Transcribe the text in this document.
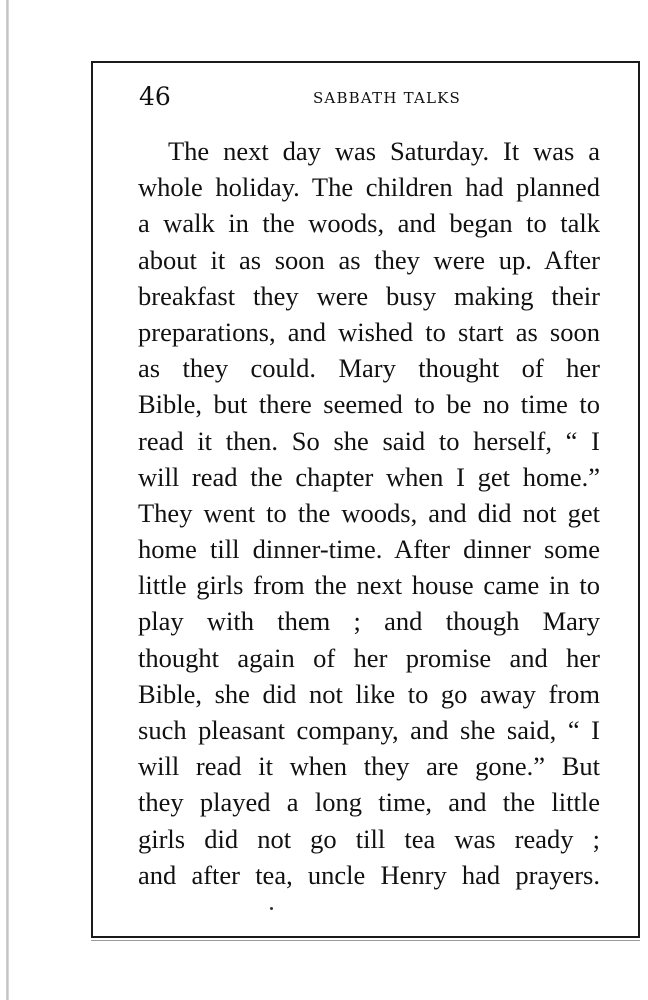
46	SABBATH TALKS

The next day was Saturday. It was a
whole holiday. The children had planned
a walk in the woods, and began to talk
about it as soon as they were up. After
breakfast they were busy making their
preparations, and wished to start as soon
as they could. Mary thought of her
Bible, but there seemed to be no time to
read it then. So she said to herself, “ I
will read the chapter when I get home.”
They went to the woods, and did not get
home till dinner-time. After dinner some
little girls from the next house came in to
play with them ; and though Mary
thought again of her promise and her
Bible, she did not like to go away from
such pleasant company, and she said, “ I
will read it when they are gone.” But
they played a long time, and the little
girls did not go till tea was ready ;
and after tea, uncle Henry had prayers.
